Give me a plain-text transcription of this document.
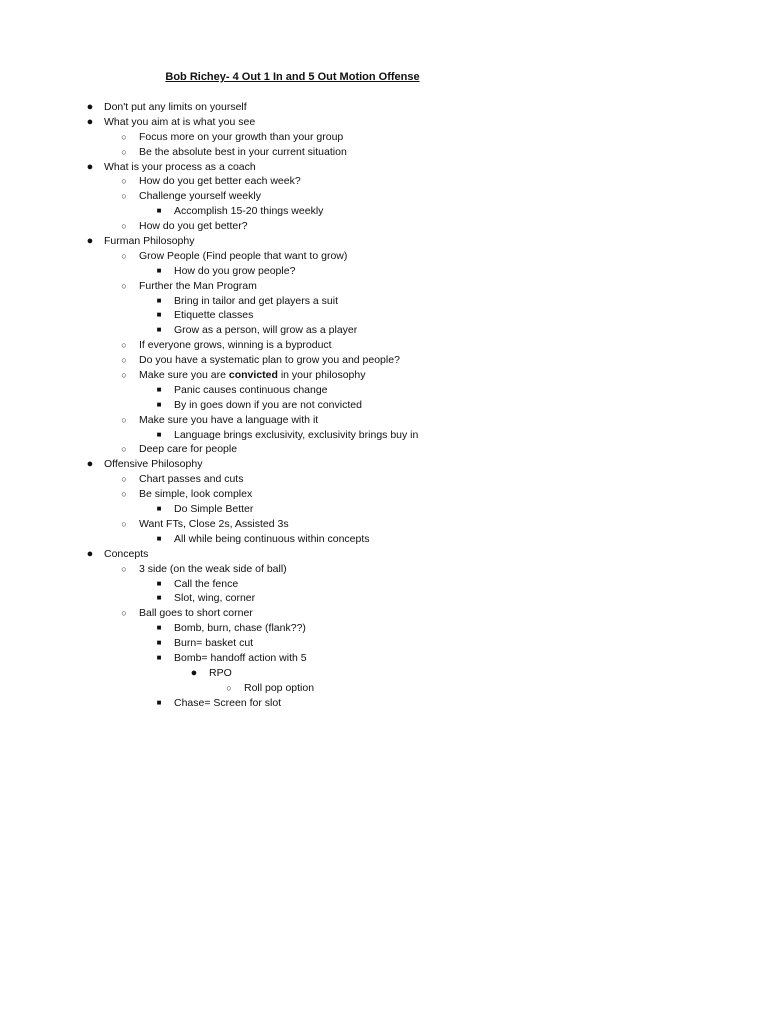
Bob Richey- 4 Out 1 In and 5 Out Motion Offense
● Don't put any limits on yourself
● What you aim at is what you see
○	Focus more on your growth than your group
○	Be the absolute best in your current situation
● What is your process as a coach
○	How do you get better each week?
○	Challenge yourself weekly
■	Accomplish 15-20 things weekly
○	How do you get better?
● Furman Philosophy
○	Grow People (Find people that want to grow)
■	How do you grow people?
○	Further the Man Program
■	Bring in tailor and get players a suit
■	Etiquette classes
■	Grow as a person, will grow as a player
○	If everyone grows, winning is a byproduct
○	Do you have a systematic plan to grow you and people?
○	Make sure you are convicted in your philosophy
■	Panic causes continuous change
■	By in goes down if you are not convicted
○	Make sure you have a language with it
■	Language brings exclusivity, exclusivity brings buy in
○	Deep care for people
● Offensive Philosophy
○	Chart passes and cuts
○	Be simple, look complex
■	Do Simple Better
○	Want FTs, Close 2s, Assisted 3s
■	All while being continuous within concepts
● Concepts
○	3 side (on the weak side of ball)
■	Call the fence
■	Slot, wing, corner
○	Ball goes to short corner
■	Bomb, burn, chase (flank??)
■	Burn= basket cut
■	Bomb= handoff action with 5
● RPO
○	Roll pop option
■	Chase= Screen for slot
